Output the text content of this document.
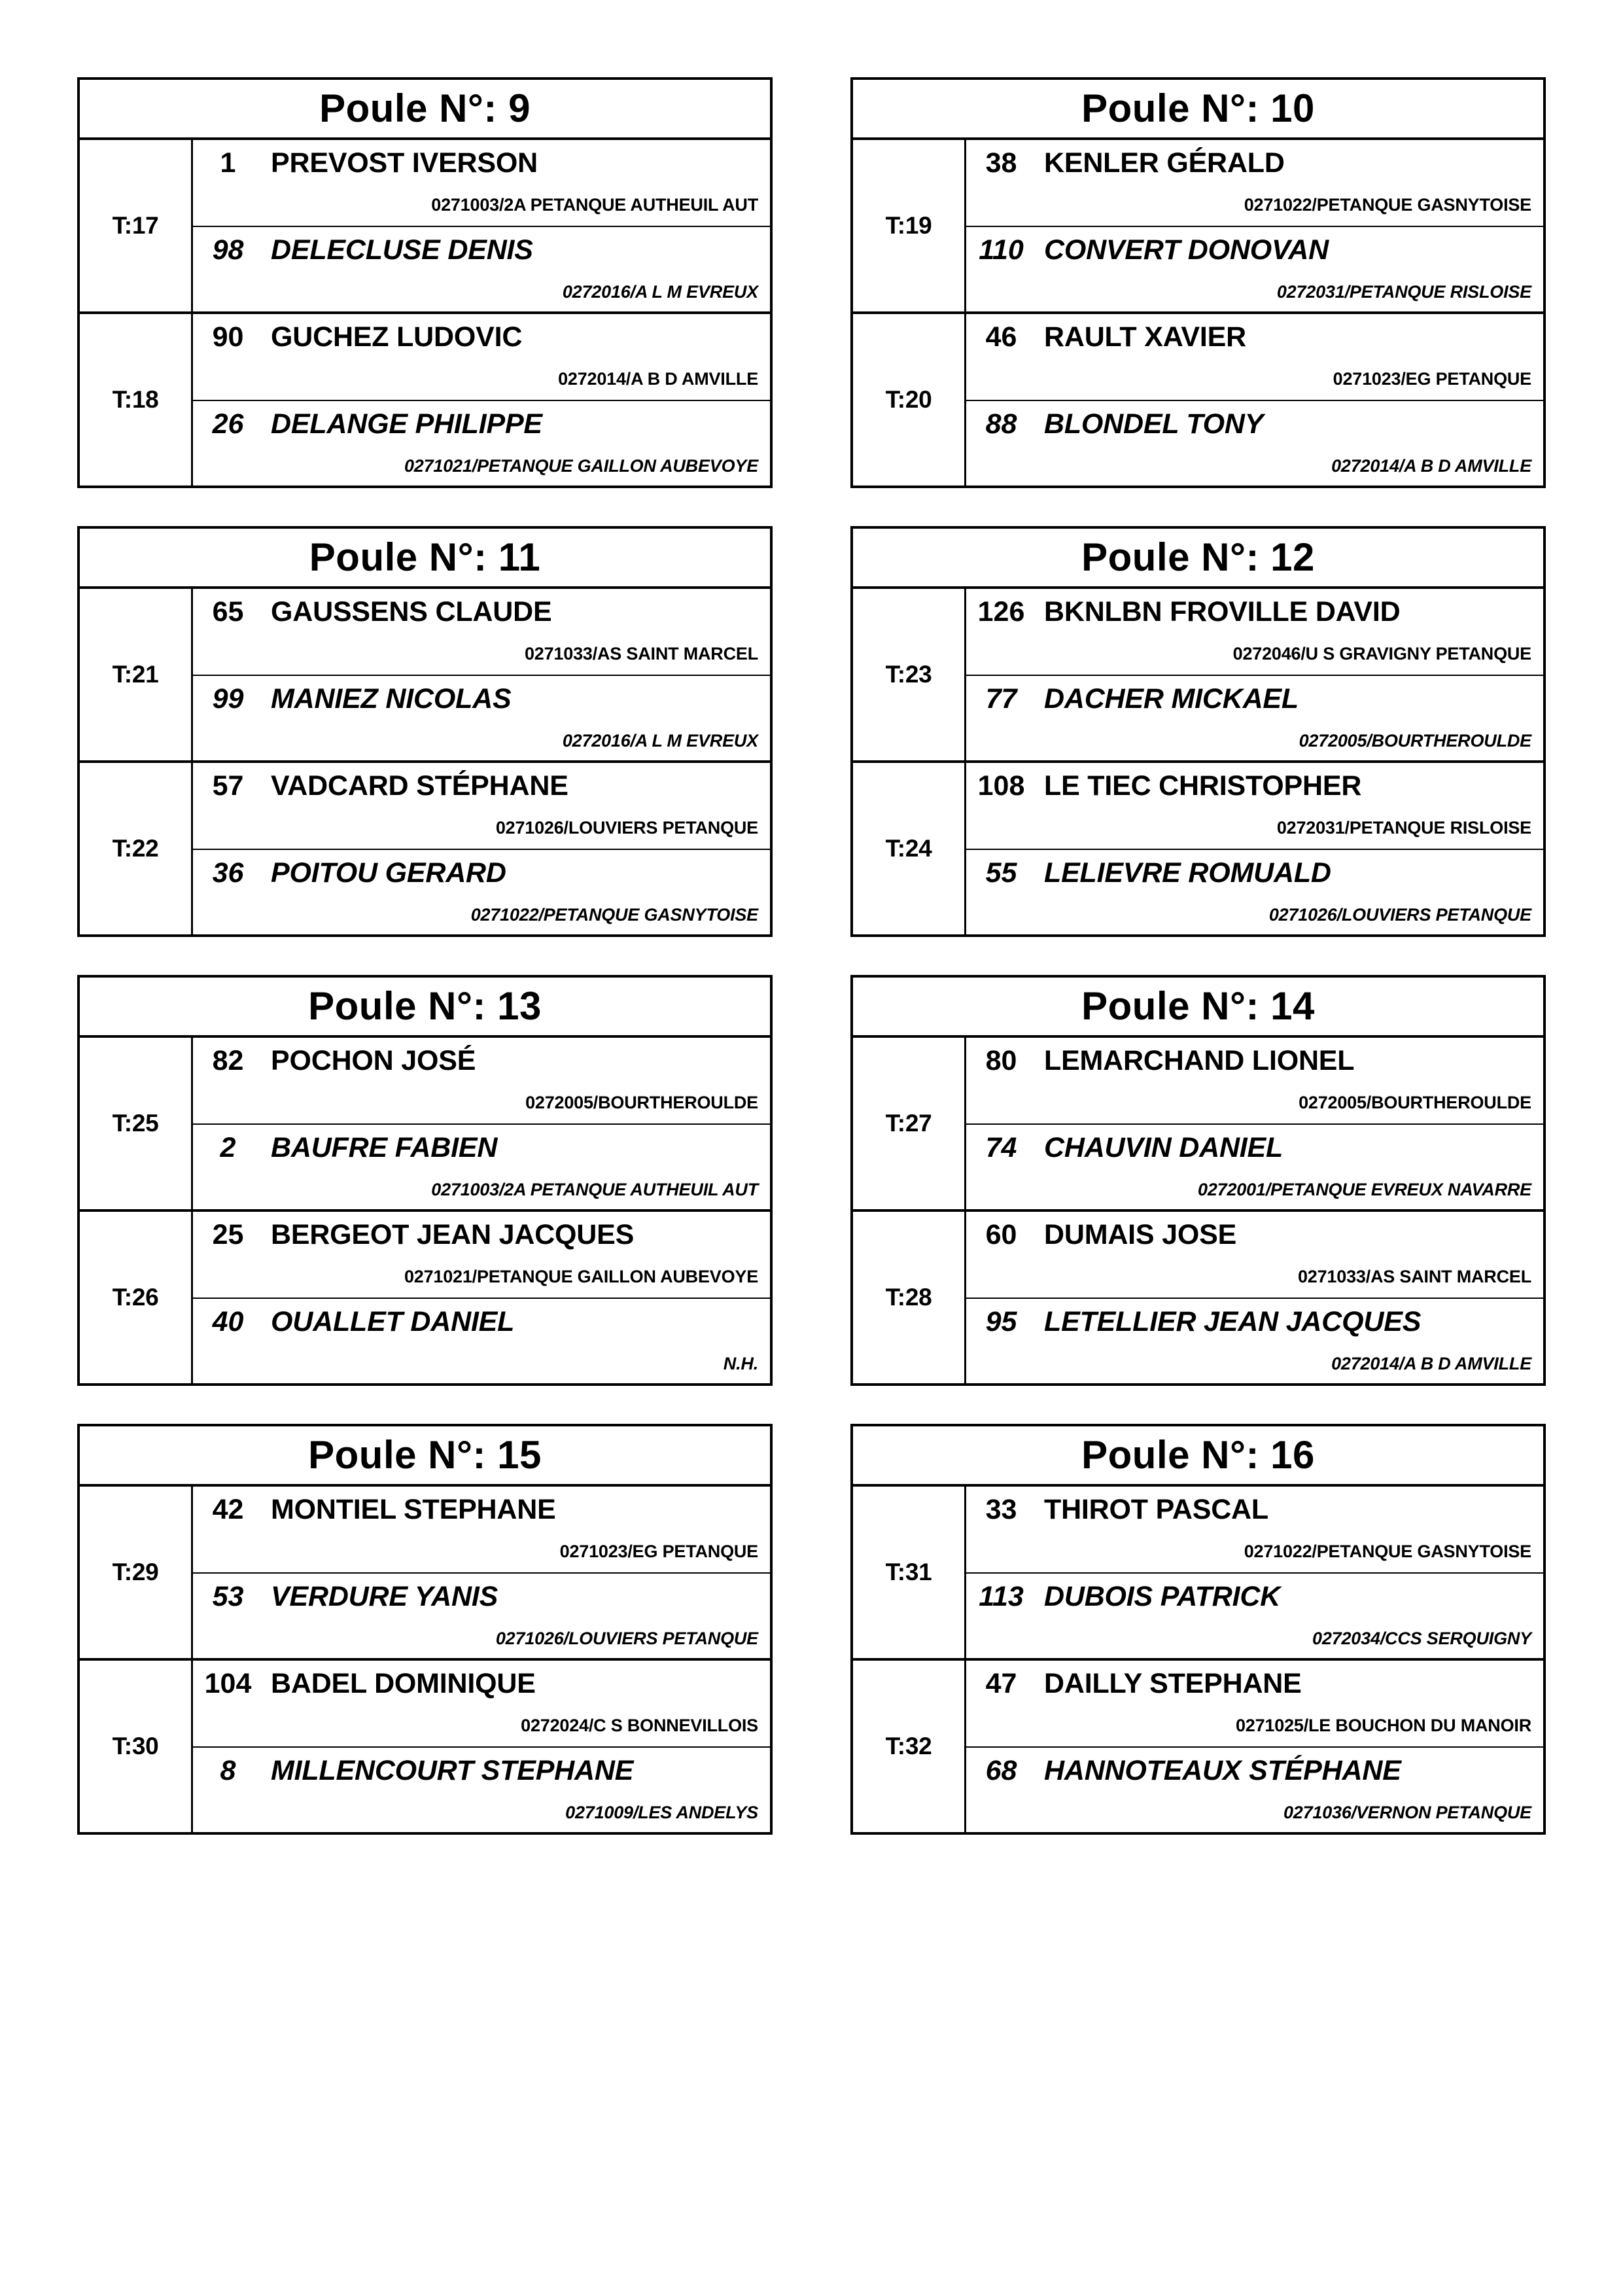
Poule N°: 9
T:17
1	PREVOST IVERSON
0271003/2A PETANQUE AUTHEUIL AUT
98 DELECLUSE DENIS
0272016/A L M EVREUX
T:18
90 GUCHEZ LUDOVIC
0272014/A B D AMVILLE
26 DELANGE PHILIPPE
0271021/PETANQUE GAILLON AUBEVOYE
Poule N°: 10
T:19
38 KENLER GÉRALD
0271022/PETANQUE GASNYTOISE
110 CONVERT DONOVAN
0272031/PETANQUE RISLOISE
T:20
46 RAULT XAVIER
0271023/EG PETANQUE
88 BLONDEL TONY
0272014/A B D AMVILLE
Poule N°: 11
T:21
65 GAUSSENS CLAUDE
0271033/AS SAINT MARCEL
99 MANIEZ NICOLAS
0272016/A L M EVREUX
T:22
57 VADCARD STÉPHANE
0271026/LOUVIERS PETANQUE
36 POITOU GERARD
0271022/PETANQUE GASNYTOISE
Poule N°: 12
T:23
126 BKNLBN FROVILLE DAVID
0272046/U S GRAVIGNY PETANQUE
77 DACHER MICKAEL
0272005/BOURTHEROULDE
T:24
108 LE TIEC CHRISTOPHER
0272031/PETANQUE RISLOISE
55 LELIEVRE ROMUALD
0271026/LOUVIERS PETANQUE
Poule N°: 13
T:25
82 POCHON JOSÉ
0272005/BOURTHEROULDE
2	BAUFRE FABIEN
0271003/2A PETANQUE AUTHEUIL AUT
T:26
25 BERGEOT JEAN JACQUES
0271021/PETANQUE GAILLON AUBEVOYE
40 OUALLET DANIEL
N.H.
Poule N°: 14
T:27
80 LEMARCHAND LIONEL
0272005/BOURTHEROULDE
74 CHAUVIN DANIEL
0272001/PETANQUE EVREUX NAVARRE
T:28
60 DUMAIS JOSE
0271033/AS SAINT MARCEL
95 LETELLIER JEAN JACQUES
0272014/A B D AMVILLE
Poule N°: 15
T:29
42 MONTIEL STEPHANE
0271023/EG PETANQUE
53 VERDURE YANIS
0271026/LOUVIERS PETANQUE
T:30
104 BADEL DOMINIQUE
0272024/C S BONNEVILLOIS
8	MILLENCOURT STEPHANE
0271009/LES ANDELYS
Poule N°: 16
T:31
33 THIROT PASCAL
0271022/PETANQUE GASNYTOISE
113 DUBOIS PATRICK
0272034/CCS SERQUIGNY
T:32
47 DAILLY STEPHANE
0271025/LE BOUCHON DU MANOIR
68 HANNOTEAUX STÉPHANE
0271036/VERNON PETANQUE
